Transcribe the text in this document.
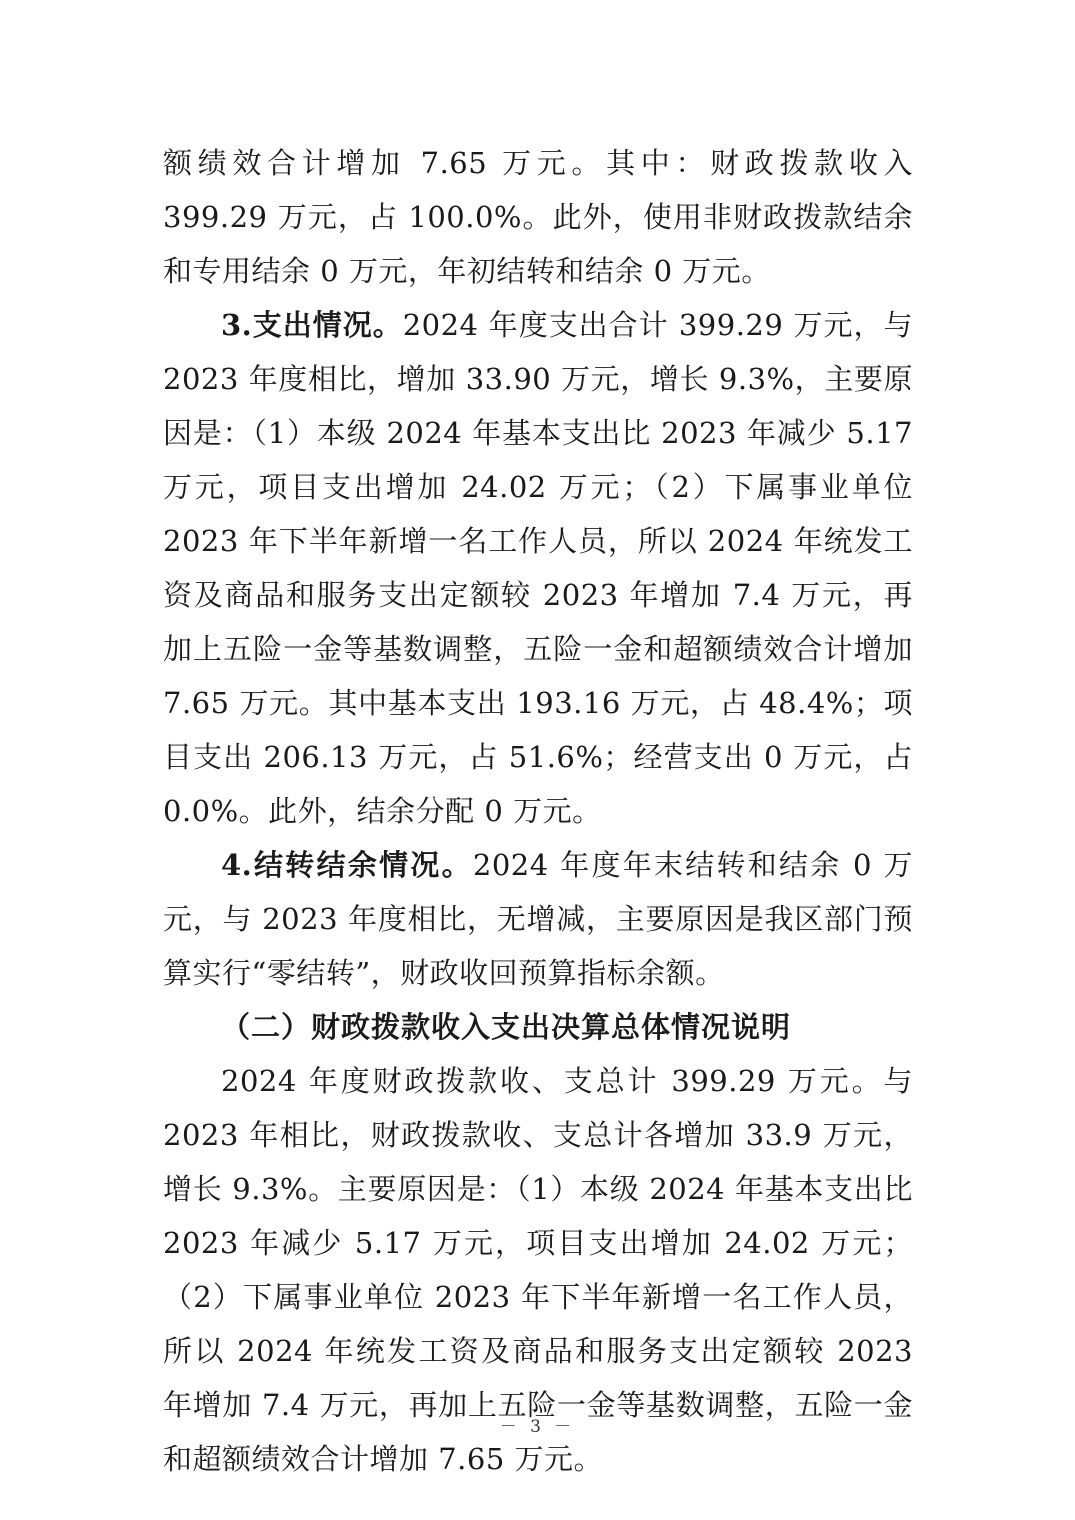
额绩效合计增加 7.65 万元。其中：财政拨款收入 399.29 万元，占 100.0%。此外，使用非财政拨款结余和专用结余 0 万元，年初结转和结余 0 万元。

3.支出情况。2024 年度支出合计 399.29 万元，与 2023 年度相比，增加 33.90 万元，增长 9.3%，主要原因是：（1）本级 2024 年基本支出比 2023 年减少 5.17 万元，项目支出增加 24.02 万元；（2）下属事业单位 2023 年下半年新增一名工作人员，所以 2024 年统发工资及商品和服务支出定额较 2023 年增加 7.4 万元，再加上五险一金等基数调整，五险一金和超额绩效合计增加 7.65 万元。其中基本支出 193.16 万元，占 48.4%；项目支出 206.13 万元，占 51.6%；经营支出 0 万元，占 0.0%。此外，结余分配 0 万元。

4.结转结余情况。2024 年度年末结转和结余 0 万元，与 2023 年度相比，无增减，主要原因是我区部门预算实行“零结转”，财政收回预算指标余额。

（二）财政拨款收入支出决算总体情况说明

2024 年度财政拨款收、支总计 399.29 万元。与 2023 年相比，财政拨款收、支总计各增加 33.9 万元，增长 9.3%。主要原因是：（1）本级 2024 年基本支出比 2023 年减少 5.17 万元，项目支出增加 24.02 万元；（2）下属事业单位 2023 年下半年新增一名工作人员，所以 2024 年统发工资及商品和服务支出定额较 2023 年增加 7.4 万元，再加上五险一金等基数调整，五险一金和超额绩效合计增加 7.65 万元。

－ 3 －
